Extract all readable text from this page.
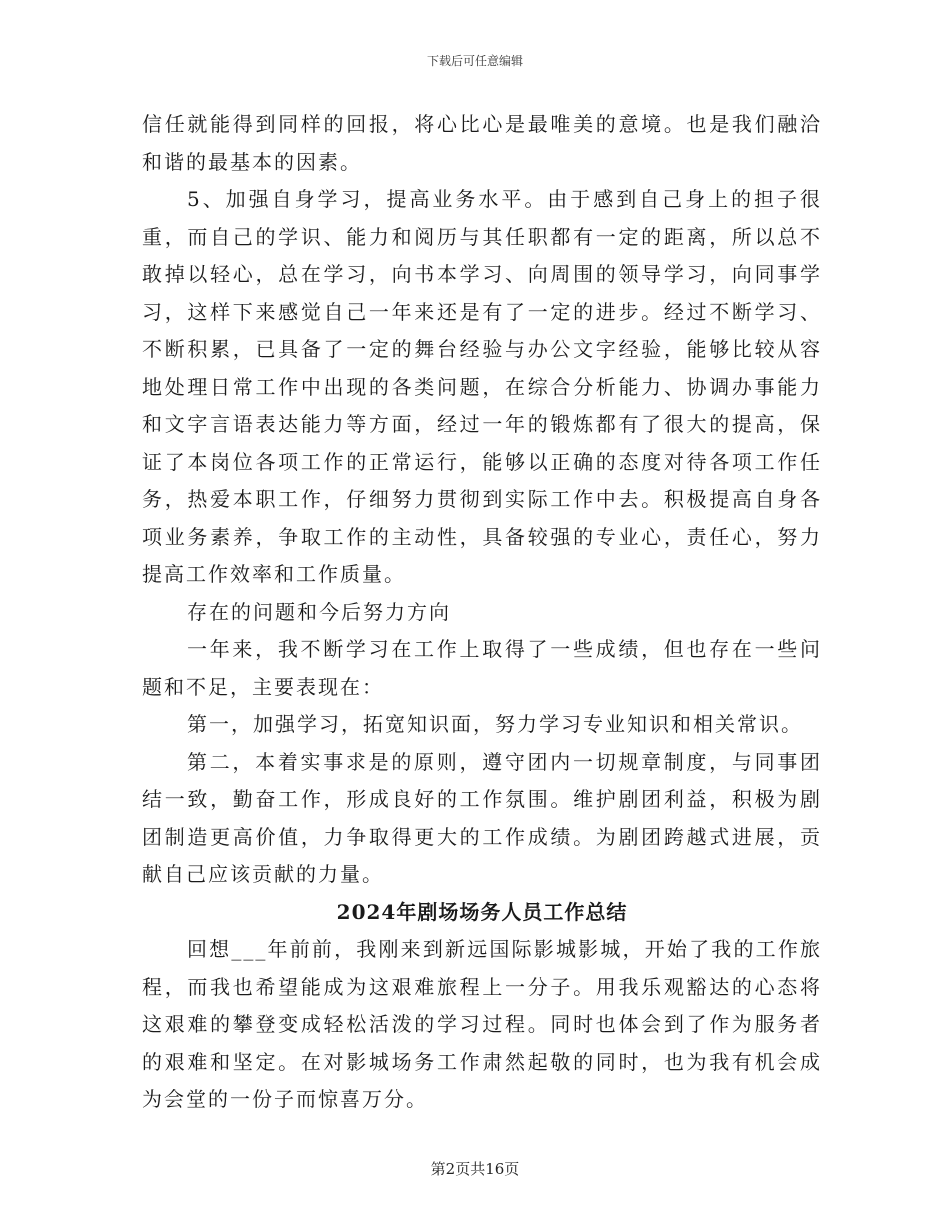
下载后可任意编辑

信任就能得到同样的回报，将心比心是最唯美的意境。也是我们融洽和谐的最基本的因素。

5、加强自身学习，提高业务水平。由于感到自己身上的担子很重，而自己的学识、能力和阅历与其任职都有一定的距离，所以总不敢掉以轻心，总在学习，向书本学习、向周围的领导学习，向同事学习，这样下来感觉自己一年来还是有了一定的进步。经过不断学习、不断积累，已具备了一定的舞台经验与办公文字经验，能够比较从容地处理日常工作中出现的各类问题，在综合分析能力、协调办事能力和文字言语表达能力等方面，经过一年的锻炼都有了很大的提高，保证了本岗位各项工作的正常运行，能够以正确的态度对待各项工作任务，热爱本职工作，仔细努力贯彻到实际工作中去。积极提高自身各项业务素养，争取工作的主动性，具备较强的专业心，责任心，努力提高工作效率和工作质量。

存在的问题和今后努力方向

一年来，我不断学习在工作上取得了一些成绩，但也存在一些问题和不足，主要表现在：

第一，加强学习，拓宽知识面，努力学习专业知识和相关常识。

第二，本着实事求是的原则，遵守团内一切规章制度，与同事团结一致，勤奋工作，形成良好的工作氛围。维护剧团利益，积极为剧团制造更高价值，力争取得更大的工作成绩。为剧团跨越式进展，贡献自己应该贡献的力量。

2024年剧场场务人员工作总结

回想___年前前，我刚来到新远国际影城影城，开始了我的工作旅程，而我也希望能成为这艰难旅程上一分子。用我乐观豁达的心态将这艰难的攀登变成轻松活泼的学习过程。同时也体会到了作为服务者的艰难和坚定。在对影城场务工作肃然起敬的同时，也为我有机会成为会堂的一份子而惊喜万分。

第2页共16页
